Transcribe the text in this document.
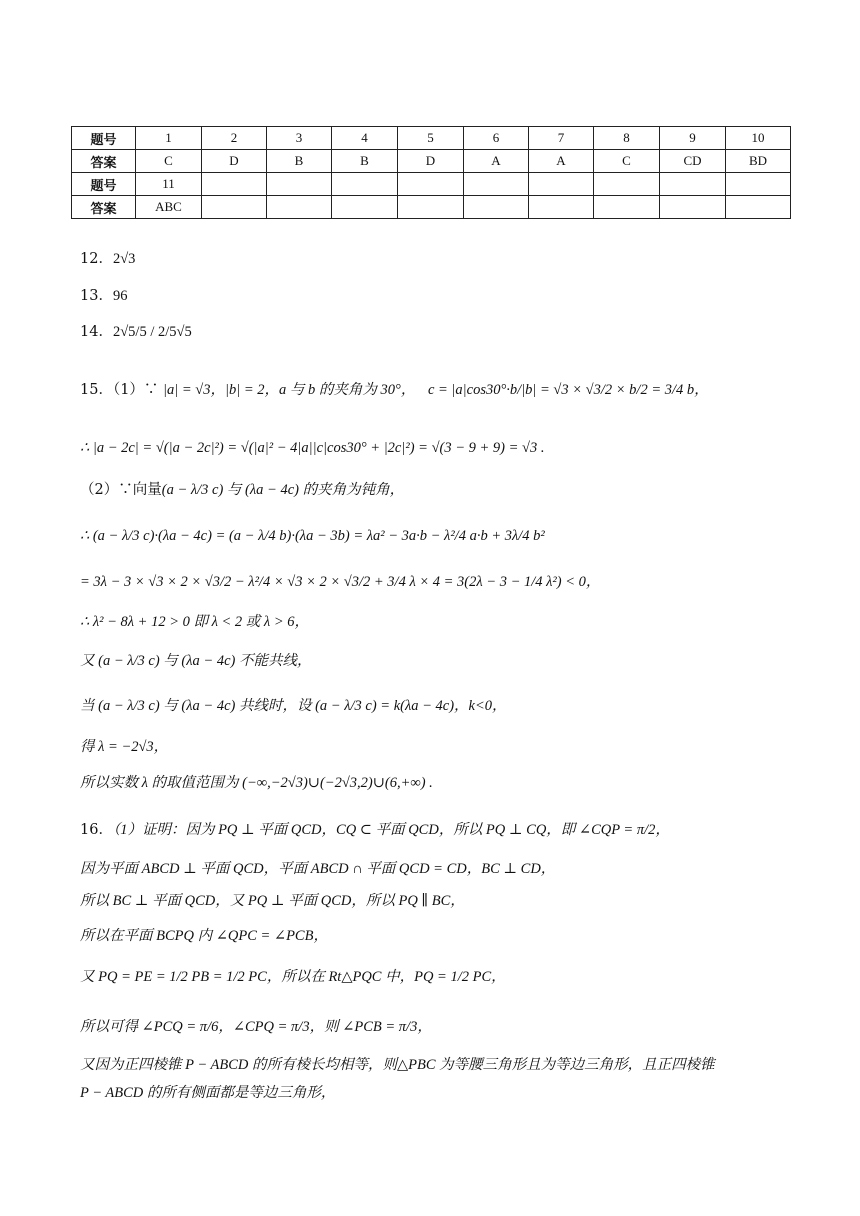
题号	1	2	3	4	5	6	7	8	9	10
答案	C	D	B	B	D	A	A	C	CD	BD
题号	11									
答案	ABC									
12．2√3
13．96
14．2√5/5 / 2/5√5
15．（1）∵ |a| = √3，|b| = 2，a 与 b 的夹角为 30°， c = |a|cos30°·b/|b| = √3 × √3/2 × b/2 = 3/4 b，
∴ |a − 2c| = √(|a − 2c|²) = √(|a|² − 4|a||c|cos30° + |2c|²) = √(3 − 9 + 9) = √3 .
（2）∵向量(a − λ/3 c) 与 (λa − 4c) 的夹角为钝角，
∴ (a − λ/3 c)·(λa − 4c) = (a − λ/4 b)·(λa − 3b) = λa² − 3a·b − λ²/4 a·b + 3λ/4 b²
= 3λ − 3 × √3 × 2 × √3/2 − λ²/4 × √3 × 2 × √3/2 + 3/4 λ × 4 = 3(2λ − 3 − 1/4 λ²) < 0，
∴ λ² − 8λ + 12 > 0 即 λ < 2 或 λ > 6，
又 (a − λ/3 c) 与 (λa − 4c) 不能共线，
当 (a − λ/3 c) 与 (λa − 4c) 共线时，设 (a − λ/3 c) = k(λa − 4c)，k<0，
得 λ = −2√3，
所以实数 λ 的取值范围为 (−∞,−2√3)∪(−2√3,2)∪(6,+∞) .
16．（1）证明：因为 PQ ⊥ 平面 QCD，CQ ⊂ 平面 QCD，所以 PQ ⊥ CQ，即 ∠CQP = π/2，
因为平面 ABCD ⊥ 平面 QCD，平面 ABCD ∩ 平面 QCD = CD，BC ⊥ CD，
所以 BC ⊥ 平面 QCD，又 PQ ⊥ 平面 QCD，所以 PQ ∥ BC，
所以在平面 BCPQ 内 ∠QPC = ∠PCB，
又 PQ = PE = 1/2 PB = 1/2 PC，所以在 Rt△PQC 中，PQ = 1/2 PC，
所以可得 ∠PCQ = π/6，∠CPQ = π/3，则 ∠PCB = π/3，
又因为正四棱锥 P − ABCD 的所有棱长均相等，则△PBC 为等腰三角形且为等边三角形，且正四棱锥
P − ABCD 的所有侧面都是等边三角形，
